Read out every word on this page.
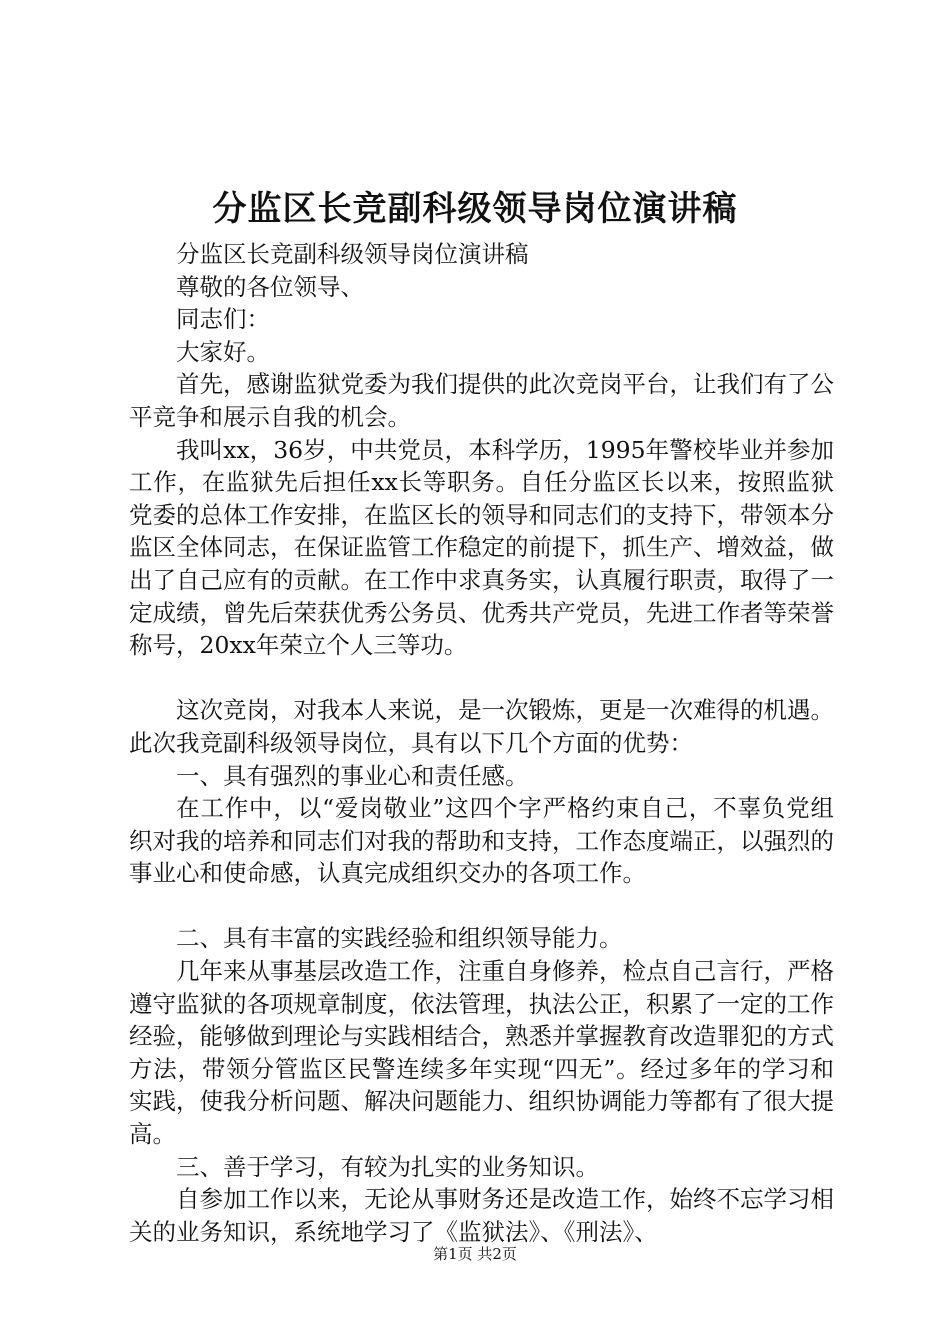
分监区长竞副科级领导岗位演讲稿

分监区长竞副科级领导岗位演讲稿

尊敬的各位领导、

同志们：

大家好。

首先，感谢监狱党委为我们提供的此次竞岗平台，让我们有了公平竞争和展示自我的机会。

我叫xx，36岁，中共党员，本科学历，1995年警校毕业并参加工作，在监狱先后担任xx长等职务。自任分监区长以来，按照监狱党委的总体工作安排，在监区长的领导和同志们的支持下，带领本分监区全体同志，在保证监管工作稳定的前提下，抓生产、增效益，做出了自己应有的贡献。在工作中求真务实，认真履行职责，取得了一定成绩，曾先后荣获优秀公务员、优秀共产党员，先进工作者等荣誉称号，20xx年荣立个人三等功。

这次竞岗，对我本人来说，是一次锻炼，更是一次难得的机遇。此次我竞副科级领导岗位，具有以下几个方面的优势：

一、具有强烈的事业心和责任感。

在工作中，以“爱岗敬业”这四个字严格约束自己，不辜负党组织对我的培养和同志们对我的帮助和支持，工作态度端正，以强烈的事业心和使命感，认真完成组织交办的各项工作。

二、具有丰富的实践经验和组织领导能力。

几年来从事基层改造工作，注重自身修养，检点自己言行，严格遵守监狱的各项规章制度，依法管理，执法公正，积累了一定的工作经验，能够做到理论与实践相结合，熟悉并掌握教育改造罪犯的方式方法，带领分管监区民警连续多年实现“四无”。经过多年的学习和实践，使我分析问题、解决问题能力、组织协调能力等都有了很大提高。

三、善于学习，有较为扎实的业务知识。

自参加工作以来，无论从事财务还是改造工作，始终不忘学习相关的业务知识，系统地学习了《监狱法》、《刑法》、

第1页 共2页
